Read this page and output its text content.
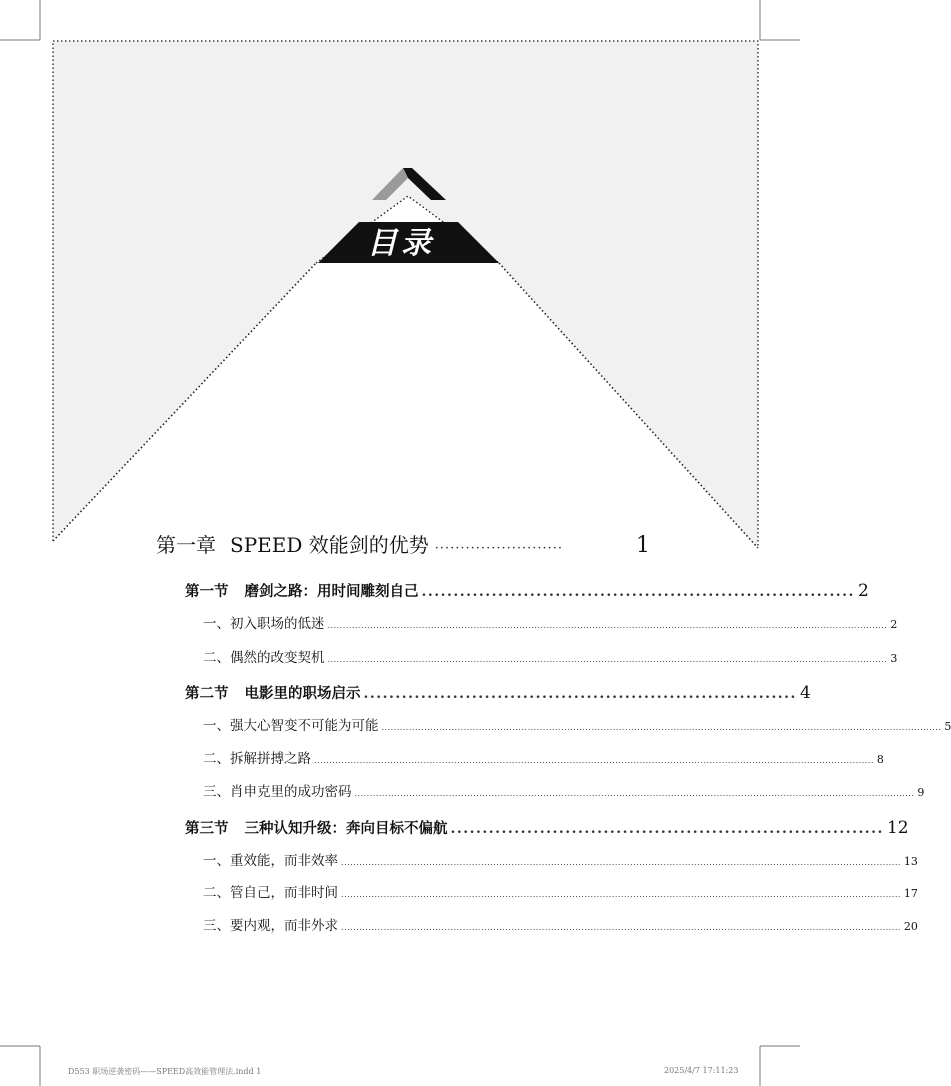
目录
第一章 SPEED 效能剑的优势 ·························	1
第一节 磨剑之路：用时间雕刻自己 .................................................................... 2
一、初入职场的低迷 ........................................................................................................................................................................................ 2
二、偶然的改变契机 ........................................................................................................................................................................................ 3
第二节 电影里的职场启示 .................................................................... 4
一、强大心智变不可能为可能 ........................................................................................................................................................................................ 5
二、拆解拼搏之路 ........................................................................................................................................................................................ 8
三、肖申克里的成功密码 ........................................................................................................................................................................................ 9
第三节 三种认知升级：奔向目标不偏航 .................................................................... 12
一、重效能，而非效率 ........................................................................................................................................................................................ 13
二、管自己，而非时间 ........................................................................................................................................................................................ 17
三、要内观，而非外求 ........................................................................................................................................................................................ 20
D553 职场逆袭密码——SPEED高效能管理法.indd 1	2025/4/7 17:11:23
